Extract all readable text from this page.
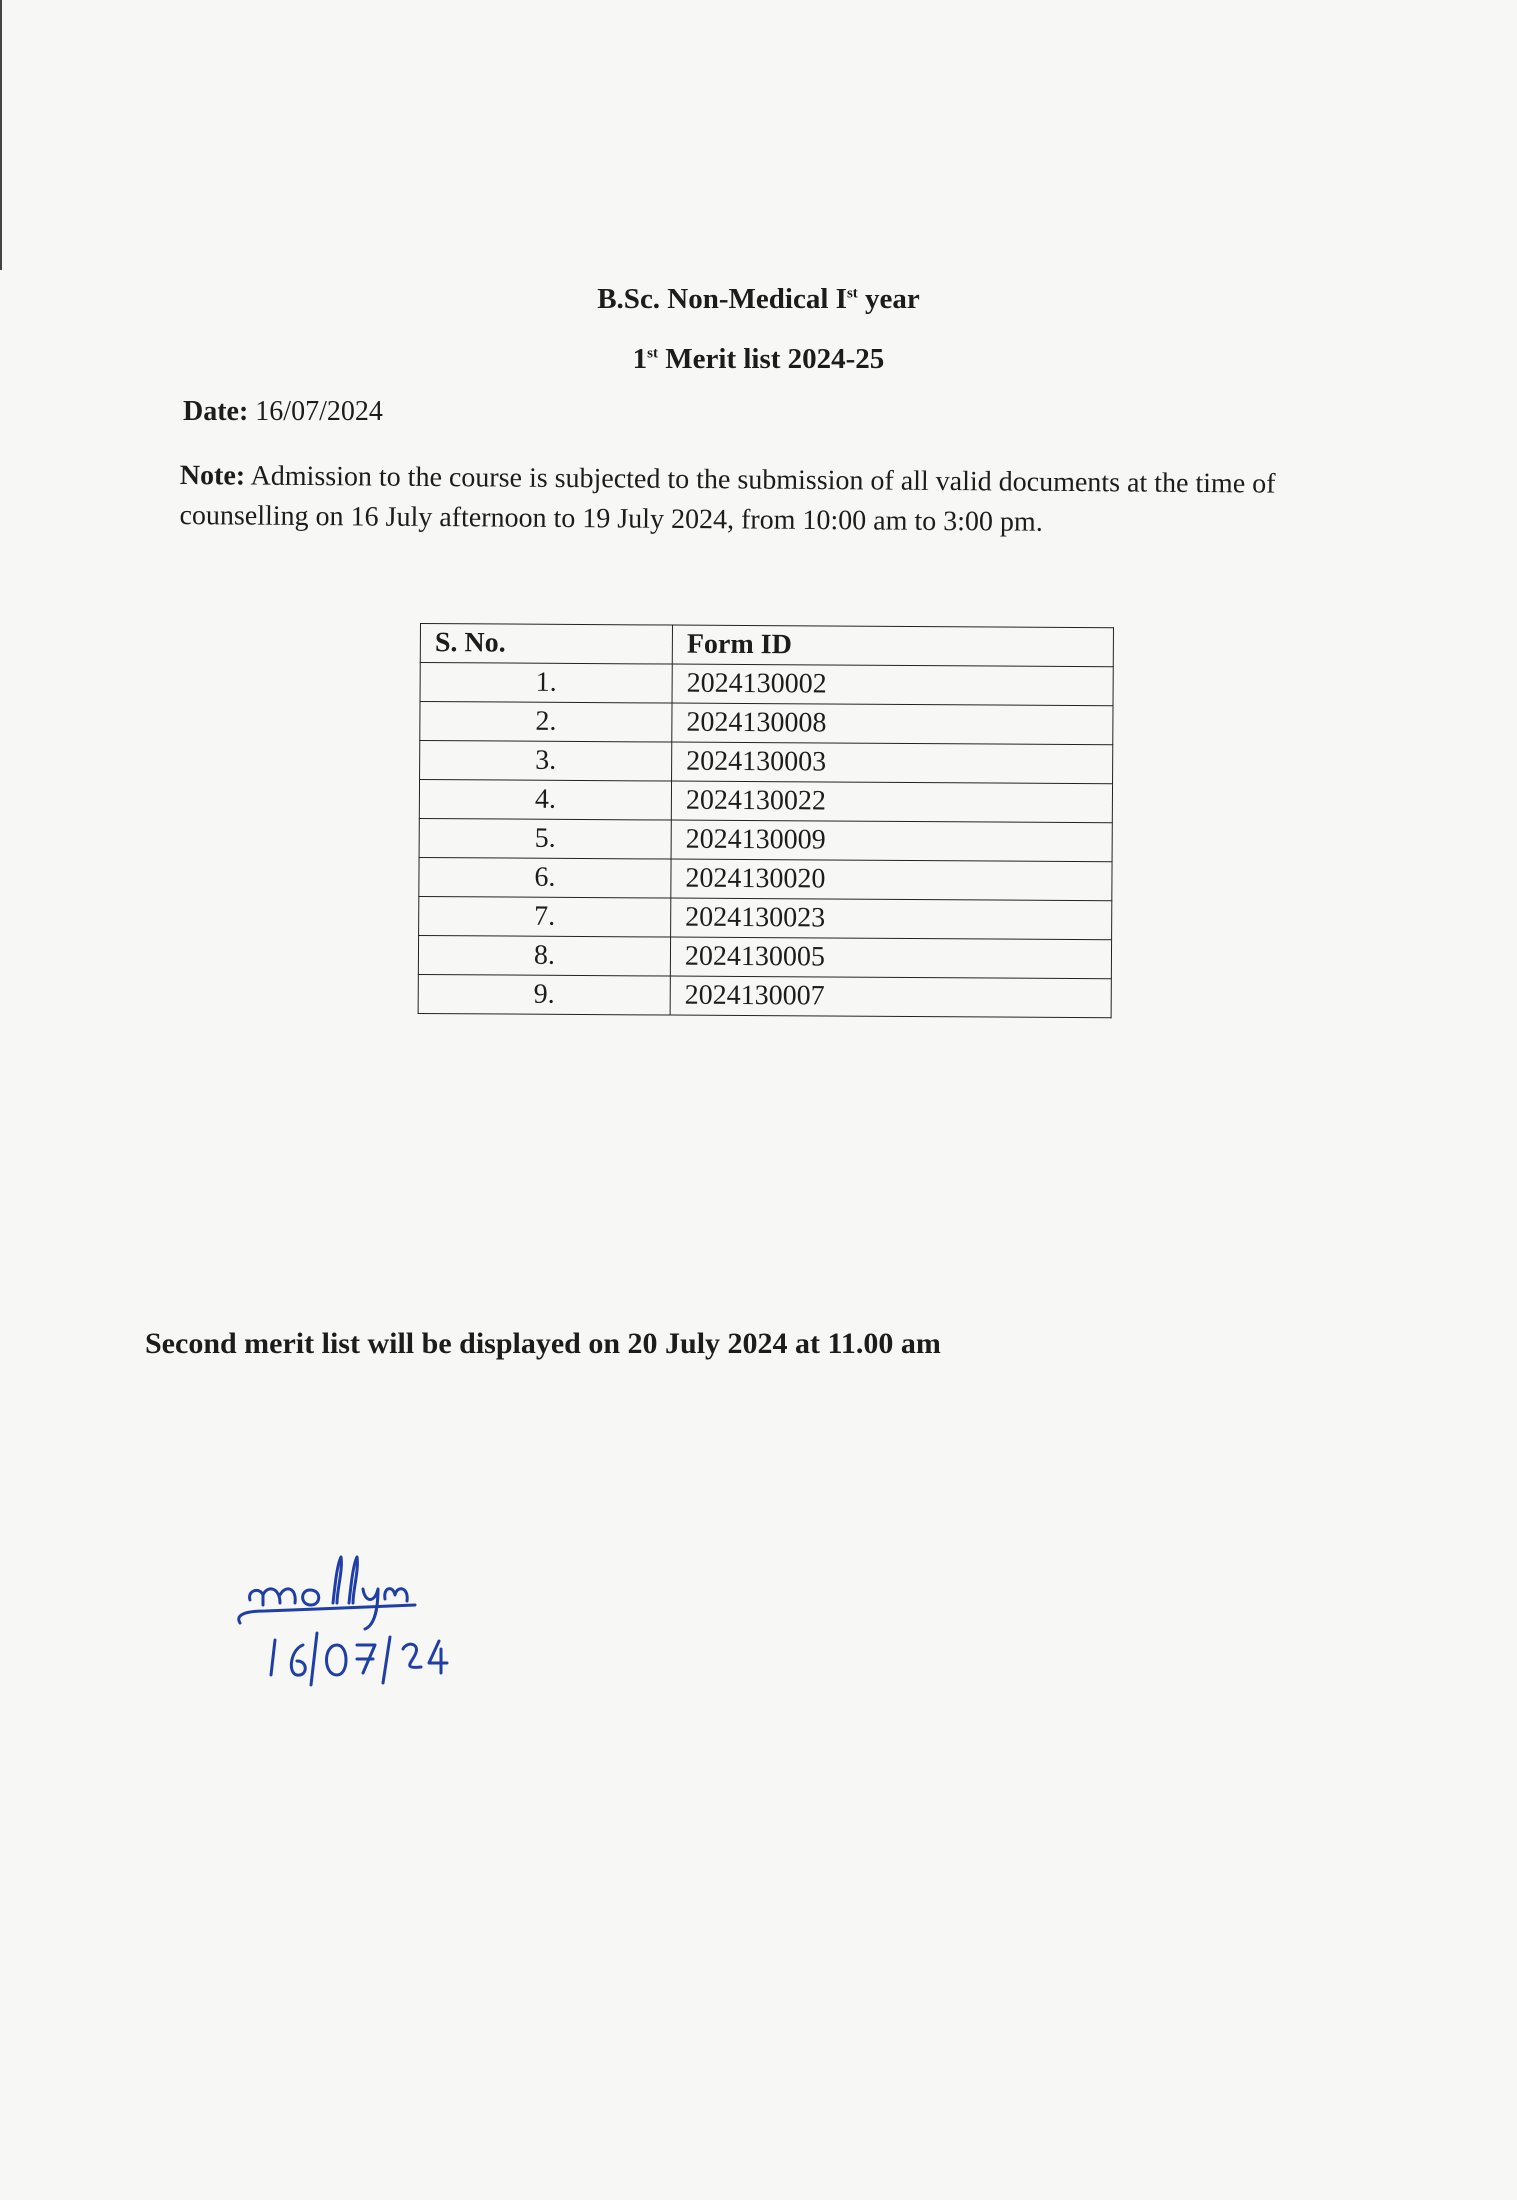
B.Sc. Non-Medical Ist year
1st Merit list 2024-25
Date: 16/07/2024
Note: Admission to the course is subjected to the submission of all valid documents at the time of counselling on 16 July afternoon to 19 July 2024, from 10:00 am to 3:00 pm.
S. No.	Form ID
1.	2024130002
2.	2024130008
3.	2024130003
4.	2024130022
5.	2024130009
6.	2024130020
7.	2024130023
8.	2024130005
9.	2024130007
Second merit list will be displayed on 20 July 2024 at 11.00 am
